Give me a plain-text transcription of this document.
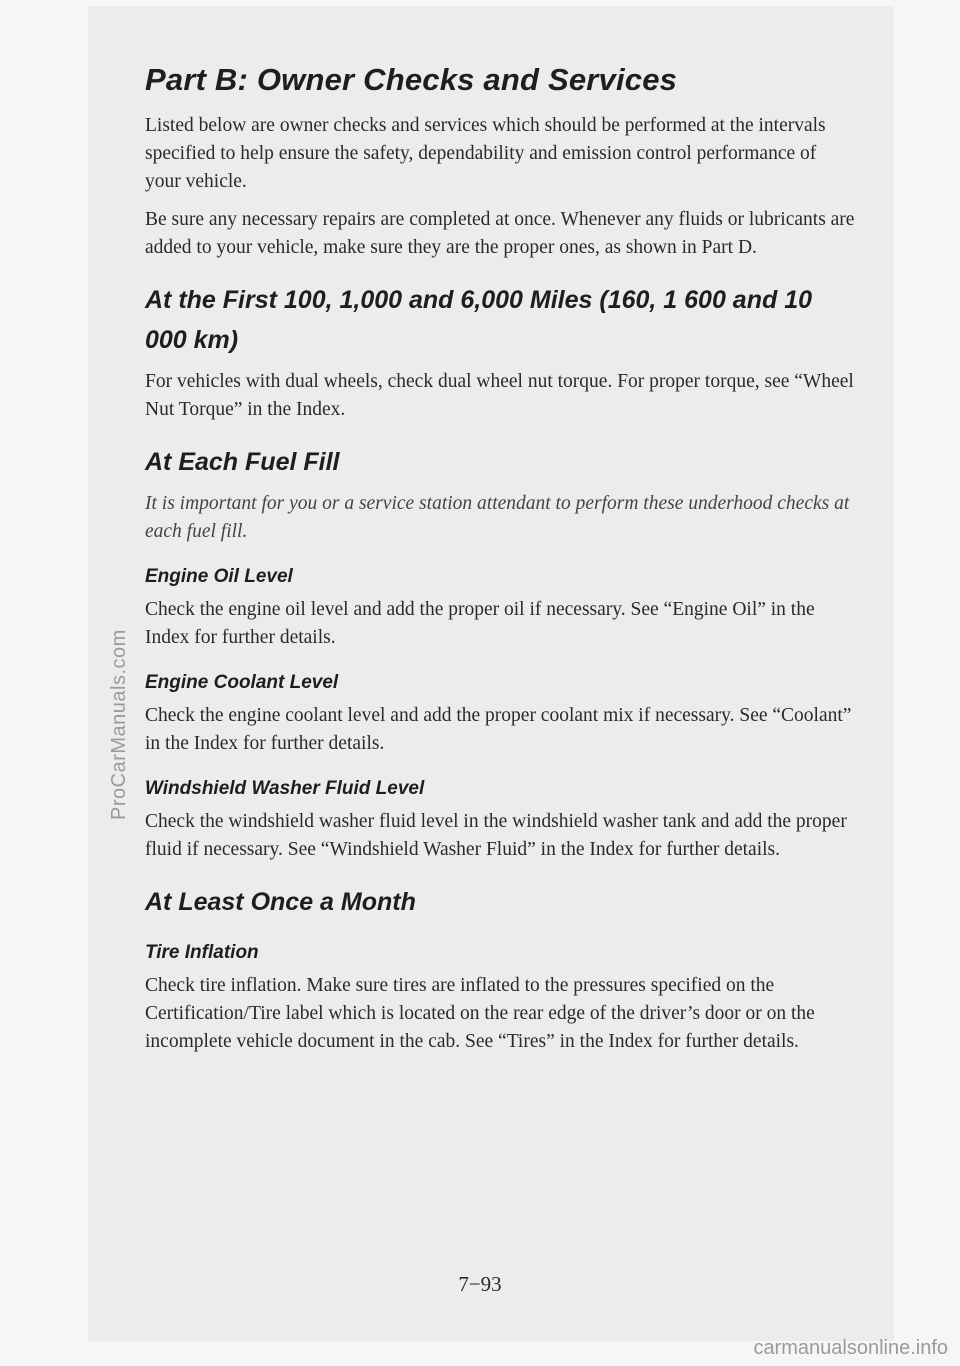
Part B: Owner Checks and Services

Listed below are owner checks and services which should be performed at the intervals specified to help ensure the safety, dependability and emission control performance of your vehicle.

Be sure any necessary repairs are completed at once. Whenever any fluids or lubricants are added to your vehicle, make sure they are the proper ones, as shown in Part D.

At the First 100, 1,000 and 6,000 Miles (160, 1 600 and 10 000 km)

For vehicles with dual wheels, check dual wheel nut torque. For proper torque, see “Wheel Nut Torque” in the Index.

At Each Fuel Fill

It is important for you or a service station attendant to perform these underhood checks at each fuel fill.

Engine Oil Level

Check the engine oil level and add the proper oil if necessary. See “Engine Oil” in the Index for further details.

Engine Coolant Level

Check the engine coolant level and add the proper coolant mix if necessary. See “Coolant” in the Index for further details.

Windshield Washer Fluid Level

Check the windshield washer fluid level in the windshield washer tank and add the proper fluid if necessary. See “Windshield Washer Fluid” in the Index for further details.

At Least Once a Month
Tire Inflation

Check tire inflation. Make sure tires are inflated to the pressures specified on the Certification/Tire label which is located on the rear edge of the driver’s door or on the incomplete vehicle document in the cab. See “Tires” in the Index for further details.

7−93
ProCarManuals.com
carmanualsonline.info
